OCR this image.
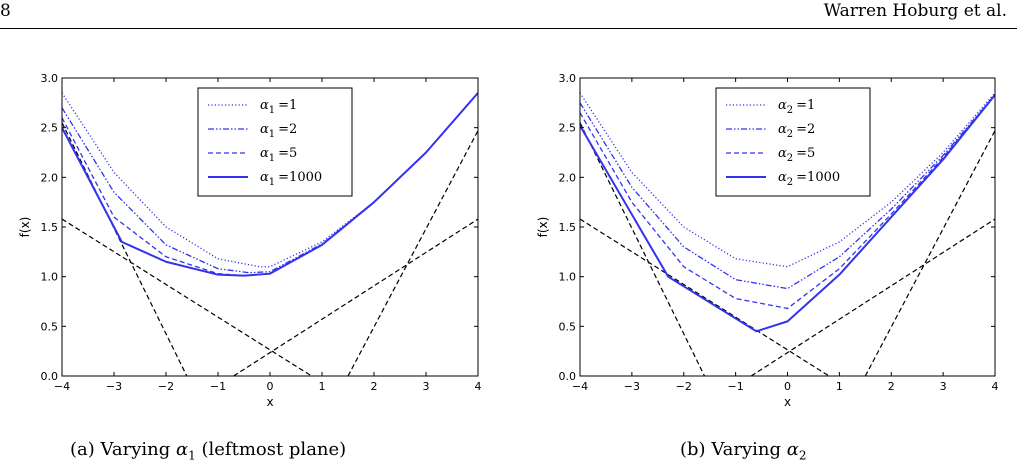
8	Warren Hoburg et al.
−4	−3	−2	−1	0	1	2	3	4
0.0
0.5
1.0
1.5
2.0
2.5
3.0
x
f(x)
$\alpha_1 =1$
$\alpha_1 =2$
$\alpha_1 =5$
$\alpha_1 =1000$
−4	−3	−2	−1	0	1	2	3	4
0.0
0.5
1.0
1.5
2.0
2.5
3.0
x
f(x)
$\alpha_2 =1$
$\alpha_2 =2$
$\alpha_2 =5$
$\alpha_2 =1000$
(a) Varying $\alpha_1$ (leftmost plane)	(b) Varying $\alpha_2$
